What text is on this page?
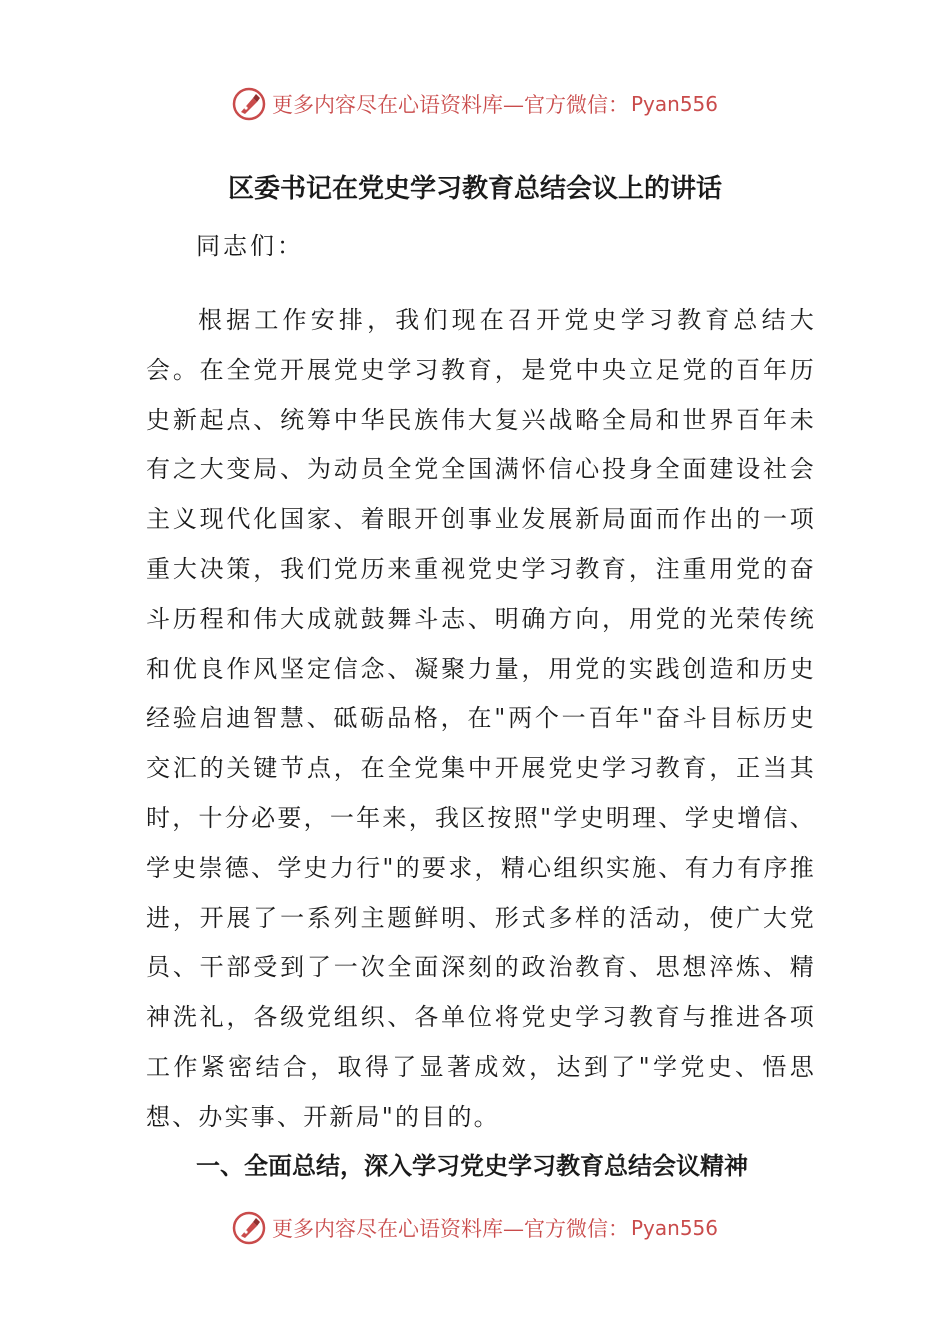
更多内容尽在心语资料库—官方微信： Pyan556
区委书记在党史学习教育总结会议上的讲话

同志们：

根据工作安排，我们现在召开党史学习教育总结大会。在全党开展党史学习教育，是党中央立足党的百年历史新起点、统筹中华民族伟大复兴战略全局和世界百年未有之大变局、为动员全党全国满怀信心投身全面建设社会主义现代化国家、着眼开创事业发展新局面而作出的一项重大决策，我们党历来重视党史学习教育，注重用党的奋斗历程和伟大成就鼓舞斗志、明确方向，用党的光荣传统和优良作风坚定信念、凝聚力量，用党的实践创造和历史经验启迪智慧、砥砺品格，在"两个一百年"奋斗目标历史交汇的关键节点，在全党集中开展党史学习教育，正当其时，十分必要，一年来，我区按照"学史明理、学史增信、学史崇德、学史力行"的要求，精心组织实施、有力有序推进，开展了一系列主题鲜明、形式多样的活动，使广大党员、干部受到了一次全面深刻的政治教育、思想淬炼、精神洗礼，各级党组织、各单位将党史学习教育与推进各项工作紧密结合，取得了显著成效，达到了"学党史、悟思想、办实事、开新局"的目的。

一、全面总结，深入学习党史学习教育总结会议精神
更多内容尽在心语资料库—官方微信： Pyan556
